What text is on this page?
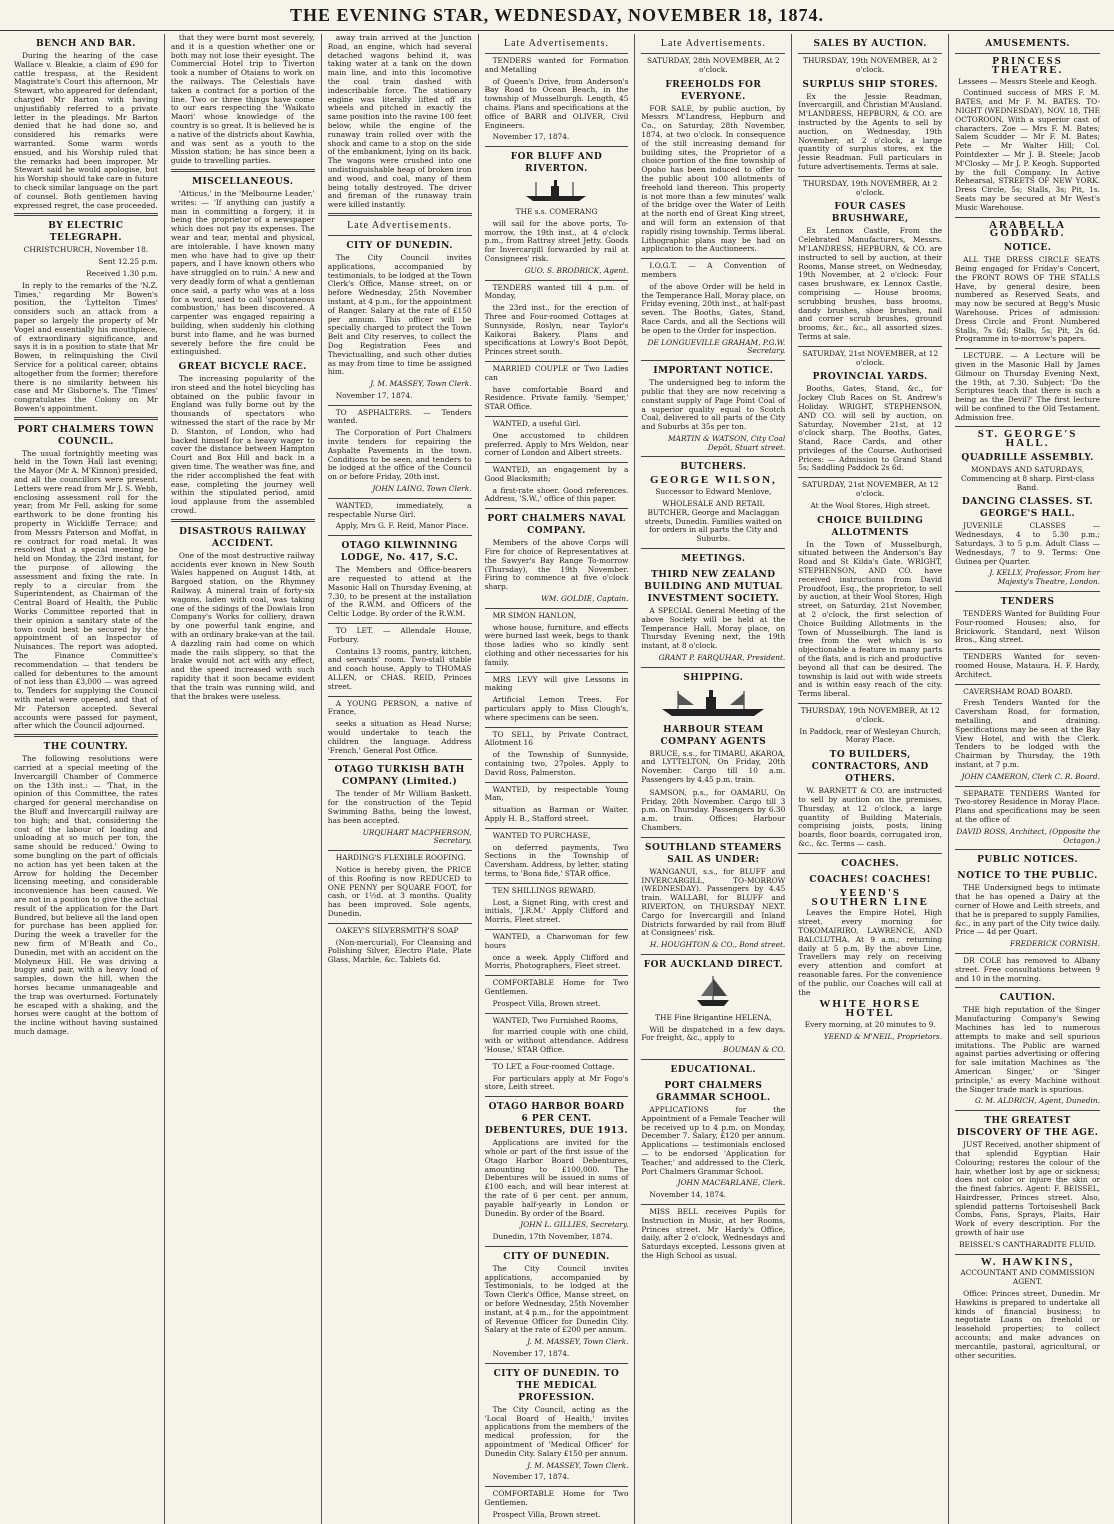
THE EVENING STAR, WEDNESDAY, NOVEMBER 18, 1874.
BENCH AND BAR.

During the hearing of the case Wallace v. Bleakie, a claim of £90 for cattle trespass, at the Resident Magistrate's Court this afternoon, Mr Stewart, who appeared for defendant, charged Mr Barton with having unjustifiably referred to a private letter in the pleadings. Mr Barton denied that he had done so, and considered his remarks were warranted. Some warm words ensued, and his Worship ruled that the remarks had been improper. Mr Stewart said he would apologise, but his Worship should take care in future to check similar language on the part of counsel. Both gentlemen having expressed regret, the case proceeded.

BY ELECTRIC TELEGRAPH.

CHRISTCHURCH, November 18.

Sent 12.25 p.m.

Received 1.30 p.m.

In reply to the remarks of the 'N.Z. Times,' regarding Mr Bowen's position, the 'Lyttelton Times' considers such an attack from a paper so largely the property of Mr Vogel and essentially his mouthpiece, of extraordinary significance, and says it is in a position to state that Mr Bowen, in relinquishing the Civil Service for a political career, obtains altogether from the former; therefore there is no similarity between his case and Mr Gisborne's. The 'Times' congratulates the Colony on Mr Bowen's appointment.

PORT CHALMERS TOWN COUNCIL.

The usual fortnightly meeting was held in the Town Hall last evening; the Mayor (Mr A. M'Kinnon) presided, and all the councillors were present. Letters were read from Mr J. S. Webb, enclosing assessment roll for the year; from Mr Fell, asking for some earthwork to be done fronting his property in Wickliffe Terrace; and from Messrs Paterson and Moffat, in re contract for road metal. It was resolved that a special meeting be held on Monday, the 23rd instant, for the purpose of allowing the assessment and fixing the rate. In reply to a circular from the Superintendent, as Chairman of the Central Board of Health, the Public Works Committee reported that in their opinion a sanitary state of the town could best be secured by the appointment of an Inspector of Nuisances. The report was adopted. The Finance Committee's recommendation — that tenders be called for debentures to the amount of not less than £3,000 — was agreed to. Tenders for supplying the Council with metal were opened, and that of Mr Paterson accepted. Several accounts were passed for payment, after which the Council adjourned.

THE COUNTRY.

The following resolutions were carried at a special meeting of the Invercargill Chamber of Commerce on the 13th inst.: — 'That, in the opinion of this Committee, the rates charged for general merchandise on the Bluff and Invercargill railway are too high; and that, considering the cost of the labour of loading and unloading at so much per ton, the same should be reduced.' Owing to some bungling on the part of officials no action has yet been taken at the Arrow for holding the December licensing meeting, and considerable inconvenience has been caused. We are not in a position to give the actual result of the application for the Dart Bundred, but believe all the land open for purchase has been applied for. During the week a traveller for the new firm of M'Beath and Co., Dunedin, met with an accident on the Molyneux Hill. He was driving a buggy and pair, with a heavy load of samples, down the hill, when the horses became unmanageable and the trap was overturned. Fortunately he escaped with a shaking, and the horses were caught at the bottom of the incline without having sustained much damage.

that they were burnt most severely, and it is a question whether one or both may not lose their eyesight. The Commercial Hotel trip to Tiverton took a number of Otaians to work on the railways. The Celestials have taken a contract for a portion of the line. Two or three things have come to our ears respecting the 'Waikato Maori' whose knowledge of the country is so great. It is believed he is a native of the districts about Kawhia, and was sent as a youth to the Mission station; he has since been a guide to travelling parties.

MISCELLANEOUS.

'Atticus,' in the 'Melbourne Leader,' writes: — 'If anything can justify a man in committing a forgery, it is being the proprietor of a newspaper which does not pay its expenses. The wear and tear, mental and physical, are intolerable. I have known many men who have had to give up their papers, and I have known others who have struggled on to ruin.' A new and very deadly form of what a gentleman once said, a party who was at a loss for a word, used to call 'spontaneous combustion,' has been discovered. A carpenter was engaged repairing a building, when suddenly his clothing burst into flame, and he was burned severely before the fire could be extinguished.

GREAT BICYCLE RACE.

The increasing popularity of the iron steed and the hotel bicycling has obtained on the public favour in England was fully borne out by the thousands of spectators who witnessed the start of the race by Mr D. Stanton, of London, who had backed himself for a heavy wager to cover the distance between Hampton Court and Box Hill and back in a given time. The weather was fine, and the rider accomplished the feat with ease, completing the journey well within the stipulated period, amid loud applause from the assembled crowd.

DISASTROUS RAILWAY ACCIDENT.

One of the most destructive railway accidents ever known in New South Wales happened on August 14th, at Bargoed station, on the Rhymney Railway. A mineral train of forty-six wagons, laden with coal, was taking one of the sidings of the Dowlais Iron Company's Works for colliery, drawn by one powerful tank engine, and with an ordinary brake-van at the tail. A dazzling rain had come on which made the rails slippery, so that the brake would not act with any effect, and the speed increased with such rapidity that it soon became evident that the train was running wild, and that the brakes were useless.

away train arrived at the Junction Road, an engine, which had several detached wagons behind it, was taking water at a tank on the down main line, and into this locomotive the coal train dashed with indescribable force. The stationary engine was literally lifted off its wheels and pitched in exactly the same position into the ravine 100 feet below, while the engine of the runaway train rolled over with the shock and came to a stop on the side of the embankment, lying on its back. The wagons were crushed into one undistinguishable heap of broken iron and wood, and coal, many of them being totally destroyed. The driver and fireman of the runaway train were killed instantly.

Late Advertisements.
CITY OF DUNEDIN.

The City Council invites applications, accompanied by testimonials, to be lodged at the Town Clerk's Office, Manse street, on or before Wednesday, 25th November instant, at 4 p.m., for the appointment of Ranger. Salary at the rate of £150 per annum. This officer will be specially charged to protect the Town Belt and City reserves, to collect the Dog Registration Fees and Thevictualling, and such other duties as may from time to time be assigned him.

J. M. MASSEY, Town Clerk.

November 17, 1874.

TO ASPHALTERS. — Tenders wanted.

The Corporation of Port Chalmers invite tenders for repairing the Asphalte Pavements in the town. Conditions to be seen, and tenders to be lodged at the office of the Council on or before Friday, 20th inst.

JOHN LAING, Town Clerk.

WANTED, immediately, a respectable Nurse Girl.

Apply, Mrs G. F. Reid, Manor Place.

OTAGO KILWINNING LODGE, No. 417, S.C.

The Members and Office-bearers are requested to attend at the Masonic Hall on Thursday Evening, at 7.30, to be present at the installation of the R.W.M. and Officers of the Celtic Lodge. By order of the R.W.M.

TO LET. — Allendale House, Forbury.

Contains 13 rooms, pantry, kitchen, and servants' room. Two-stall stable and coach house. Apply to THOMAS ALLEN, or CHAS. REID, Princes street.

A YOUNG PERSON, a native of France,

seeks a situation as Head Nurse; would undertake to teach the children the language. Address 'French,' General Post Office.

OTAGO TURKISH BATH COMPANY (Limited.)

The tender of Mr William Baskett, for the construction of the Tepid Swimming Baths, being the lowest, has been accepted.

URQUHART MACPHERSON, Secretary.

HARDING'S FLEXIBLE ROOFING.

Notice is hereby given, the PRICE of this Roofing is now REDUCED to ONE PENNY per SQUARE FOOT, for cash, or 1½d. at 3 months. Quality has been improved. Sole agents, Dunedin.

OAKEY'S SILVERSMITH'S SOAP

(Non-mercurial), For Cleansing and Polishing Silver, Electro Plate, Plate Glass, Marble, &c. Tablets 6d.

Late Advertisements.

TENDERS wanted for Formation and Metalling

of Queen's Drive, from Anderson's Bay Road to Ocean Beach, in the township of Musselburgh. Length, 45 chains. Plans and specifications at the office of BARR and OLIVER, Civil Engineers.

November 17, 1874.

FOR BLUFF AND RIVERTON.

THE s.s. COMERANG

will sail for the above ports, To-morrow, the 19th inst., at 4 o'clock p.m., from Rattray street Jetty. Goods for Invercargill forwarded by rail at Consignees' risk.

GUO. S. BRODRICK, Agent.

TENDERS wanted till 4 p.m. of Monday,

the 23rd inst., for the erection of Three and Four-roomed Cottages at Sunnyside, Roslyn, near Taylor's Kaikorai Bakery. Plans and specifications at Lowry's Boot Depôt, Princes street south.

MARRIED COUPLE or Two Ladies can

have comfortable Board and Residence. Private family. 'Semper,' STAR Office.

WANTED, a useful Girl.

One accustomed to children preferred. Apply to Mrs Weldon, near corner of London and Albert streets.

WANTED, an engagement by a Good Blacksmith;

a first-rate shoer. Good references. Address, 'S.W.,' office of this paper.

PORT CHALMERS NAVAL COMPANY.

Members of the above Corps will Fire for choice of Representatives at the Sawyer's Bay Range To-morrow (Thursday), the 19th November. Firing to commence at five o'clock sharp.

WM. GOLDIE, Captain.

MR SIMON HANLON,

whose house, furniture, and effects were burned last week, begs to thank those ladies who so kindly sent clothing and other necessaries for his family.

MRS LEVY will give Lessons in making

Artificial Lemon Trees. For particulars apply to Miss Clough's, where specimens can be seen.

TO SELL, by Private Contract, Allotment 16

of the Township of Sunnyside, containing two, 27poles. Apply to David Ross, Palmerston.

WANTED, by respectable Young Man,

situation as Barman or Waiter. Apply H. B., Stafford street.

WANTED TO PURCHASE,

on deferred payments, Two Sections in the Township of Caversham. Address, by letter, stating terms, to 'Bona fide,' STAR office.

TEN SHILLINGS REWARD.

Lost, a Signet Ring, with crest and initials, 'J.R.M.' Apply Clifford and Morris, Fleet street.

WANTED, a Charwoman for few hours

once a week. Apply Clifford and Morris, Photographers, Fleet street.

COMFORTABLE Home for Two Gentlemen.

Prospect Villa, Brown street.

WANTED, Two Furnished Rooms,

for married couple with one child, with or without attendance. Address 'House,' STAR Office.

TO LET, a Four-roomed Cottage.

For particulars apply at Mr Fogo's store, Leith street.

OTAGO HARBOR BOARD 6 PER CENT. DEBENTURES, DUE 1913.

Applications are invited for the whole or part of the first issue of the Otago Harbor Board Debentures, amounting to £100,000. The Debentures will be issued in sums of £100 each, and will bear interest at the rate of 6 per cent. per annum, payable half-yearly in London or Dunedin. By order of the Board.

JOHN L. GILLIES, Secretary.

Dunedin, 17th November, 1874.

CITY OF DUNEDIN.

The City Council invites applications, accompanied by Testimonials, to be lodged at the Town Clerk's Office, Manse street, on or before Wednesday, 25th November instant, at 4 p.m., for the appointment of Revenue Officer for Dunedin City. Salary at the rate of £200 per annum.

J. M. MASSEY, Town Clerk.

November 17, 1874.

CITY OF DUNEDIN. TO THE MEDICAL PROFESSION.

The City Council, acting as the 'Local Board of Health,' invites applications from the members of the medical profession, for the appointment of 'Medical Officer' for Dunedin City. Salary £150 per annum.

J. M. MASSEY, Town Clerk.

November 17, 1874.

COMFORTABLE Home for Two Gentlemen.

Prospect Villa, Brown street.

Late Advertisements.

SATURDAY, 28th NOVEMBER, At 2 o'clock.

FREEHOLDS FOR EVERYONE.

FOR SALE, by public auction, by Messrs M'Landress, Hepburn and Co., on Saturday, 28th November, 1874, at two o'clock. In consequence of the still increasing demand for building sites, the Proprietor of a choice portion of the fine township of Opoho has been induced to offer to the public about 100 allotments of freehold land thereon. This property is not more than a few minutes' walk of the bridge over the Water of Leith at the north end of Great King street, and will form an extension of that rapidly rising township. Terms liberal. Lithographic plans may be had on application to the Auctioneers.

I.O.G.T. — A Convention of members

of the above Order will be held in the Temperance Hall, Moray place, on Friday evening, 20th inst., at half-past seven. The Booths, Gates, Stand, Race Cards, and all the Sections will be open to the Order for inspection.

DE LONGUEVILLE GRAHAM, P.G.W. Secretary.

IMPORTANT NOTICE.

The undersigned beg to inform the public that they are now receiving a constant supply of Page Point Coal of a superior quality equal to Scotch Coal, delivered to all parts of the City and Suburbs at 35s per ton.

MARTIN & WATSON, City Coal Depôt, Stuart street.

BUTCHERS.
GEORGE WILSON,

Successor to Edward Menlove,

WHOLESALE AND RETAIL BUTCHER, George and Maclaggan streets, Dunedin. Families waited on for orders in all parts the City and Suburbs.

MEETINGS.
THIRD NEW ZEALAND BUILDING AND MUTUAL INVESTMENT SOCIETY.

A SPECIAL General Meeting of the above Society will be held at the Temperance Hall, Moray place, on Thursday Evening next, the 19th instant, at 8 o'clock.

GRANT P. FARQUHAR, President.

SHIPPING.
HARBOUR STEAM COMPANY AGENTS

BRUCE, s.s., for TIMARU, AKAROA, and LYTTELTON, On Friday, 20th November. Cargo till 10 a.m. Passengers by 4.45 p.m. train.

SAMSON, p.s., for OAMARU, On Friday, 20th November. Cargo till 3 p.m. on Thursday. Passengers by 6.30 a.m. train. Offices: Harbour Chambers.

SOUTHLAND STEAMERS SAIL AS UNDER:

WANGANUI, s.s., for BLUFF and INVERCARGILL, TO-MORROW (WEDNESDAY). Passengers by 4.45 train. WALLABI, for BLUFF and RIVERTON, on THURSDAY NEXT. Cargo for Invercargill and Inland Districts forwarded by rail from Bluff at Consignees' risk.

H. HOUGHTON & CO., Bond street.

FOR AUCKLAND DIRECT.

THE Fine Brigantine HELENA,

Will be dispatched in a few days. For freight, &c., apply to

BOUMAN & CO.

EDUCATIONAL.
PORT CHALMERS GRAMMAR SCHOOL.

APPLICATIONS for the Appointment of a Female Teacher will be received up to 4 p.m. on Monday, December 7. Salary, £120 per annum. Applications — testimonials enclosed — to be endorsed 'Application for Teacher,' and addressed to the Clerk, Port Chalmers Grammar School.

JOHN MACFARLANE, Clerk.

November 14, 1874.

MISS BELL receives Pupils for Instruction in Music, at her Rooms, Princes street. Mr Hardy's Office, daily, after 2 o'clock, Wednesdays and Saturdays excepted. Lessons given at the High School as usual.

SALES BY AUCTION.

THURSDAY, 19th NOVEMBER, At 2 o'clock.

SURPLUS SHIP STORES.

Ex the Jessie Readman, Invercargill, and Christian M'Ausland. M'LANDRESS, HEPBURN, & CO. are instructed by the Agents to sell by auction, on Wednesday, 19th November, at 2 o'clock, a large quantity of surplus stores, ex the Jessie Readman. Full particulars in future advertisements. Terms at sale.

THURSDAY, 19th NOVEMBER, At 2 o'clock.

FOUR CASES BRUSHWARE,

Ex Lennox Castle, From the Celebrated Manufacturers, Messrs. M'LANDRESS, HEPBURN, & CO. are instructed to sell by auction, at their Rooms, Manse street, on Wednesday, 19th November, at 2 o'clock: Four cases brushware, ex Lennox Castle, comprising — House brooms, scrubbing brushes, bass brooms, dandy brushes, shoe brushes, nail and corner scrub brushes, ground brooms, &c., &c., all assorted sizes. Terms at sale.

SATURDAY, 21st NOVEMBER, at 12 o'clock.

PROVINCIAL YARDS.

Booths, Gates, Stand, &c., for Jockey Club Races on St. Andrew's Holiday. WRIGHT, STEPHENSON, AND CO. will sell by auction, on Saturday, November 21st, at 12 o'clock sharp. The Booths, Gates, Stand, Race Cards, and other privileges of the Course. Authorised Prices: — Admission to Grand Stand 5s; Saddling Paddock 2s 6d.

SATURDAY, 21st NOVEMBER, At 12 o'clock.

At the Wool Stores, High street.

CHOICE BUILDING ALLOTMENTS

In the Town of Musselburgh, situated between the Anderson's Bay Road and St Kilda's Gate. WRIGHT, STEPHENSON, AND CO. have received instructions from David Proudfoot, Esq., the proprietor, to sell by auction, at their Wool Stores, High street, on Saturday, 21st November, at 2 o'clock, the first selection of Choice Building Allotments in the Town of Musselburgh. The land is free from the wet which is so objectionable a feature in many parts of the flats, and is rich and productive beyond all that can be desired. The township is laid out with wide streets and is within easy reach of the city. Terms liberal.

THURSDAY, 19th NOVEMBER, At 12 o'clock.

In Paddock, rear of Wesleyan Church, Moray Place.

TO BUILDERS, CONTRACTORS, AND OTHERS.

W. BARNETT & CO. are instructed to sell by auction on the premises, Thursday, at 12 o'clock, a large quantity of Building Materials, comprising joists, posts, lining boards, floor boards, corrugated iron, &c., &c. Terms — cash.

COACHES.
COACHES! COACHES!
YEEND'S SOUTHERN LINE

Leaves the Empire Hotel, High street, every morning for TOKOMAIRIRO, LAWRENCE, AND BALCLUTHA. At 9 a.m.; returning daily at 5 p.m. By the above Line, Travellers may rely on receiving every attention and comfort at reasonable fares. For the convenience of the public, our Coaches will call at the

WHITE HORSE HOTEL

Every morning, at 20 minutes to 9.

YEEND & M'NEIL, Proprietors.

AMUSEMENTS.
PRINCESS THEATRE.

Lessees — Messrs Steele and Keogh.

Continued success of MRS F. M. BATES, and Mr F. M. BATES. TO-NIGHT (WEDNESDAY), NOV. 18, THE OCTOROON, With a superior cast of characters. Zoe — Mrs F. M. Bates; Salem Scudder — Mr F. M. Bates; Pete — Mr Walter Hill; Col. Pointdexter — Mr J. B. Steele; Jacob M'Closky — Mr J. P. Keogh. Supported by the full Company. In Active Rehearsal, STREETS OF NEW YORK. Dress Circle, 5s; Stalls, 3s; Pit, 1s. Seats may be secured at Mr West's Music Warehouse.

ARABELLA GODDARD.
NOTICE.

ALL THE DRESS CIRCLE SEATS Being engaged for Friday's Concert, the FRONT ROWS OF THE STALLS Have, by general desire, been numbered as Reserved Seats, and may now be secured at Begg's Music Warehouse. Prices of admission: Dress Circle and Front Numbered Stalls, 7s 6d; Stalls, 5s; Pit, 2s 6d. Programme in to-morrow's papers.

LECTURE. — A Lecture will be given in the Masonic Hall by James Gilmour on Thursday Evening Next, the 19th, at 7.30. Subject: 'Do the Scriptures teach that there is such a being as the Devil?' The first lecture will be confined to the Old Testament. Admission free.

ST. GEORGE'S HALL.
QUADRILLE ASSEMBLY.

MONDAYS AND SATURDAYS, Commencing at 8 sharp. First-class Band.

DANCING CLASSES. ST. GEORGE'S HALL.

JUVENILE CLASSES — Wednesdays, 4 to 5.30 p.m.; Saturdays, 3 to 5 p.m. Adult Class — Wednesdays, 7 to 9. Terms: One Guinea per Quarter.

J. KELLY, Professor, From her Majesty's Theatre, London.

TENDERS

TENDERS Wanted for Building Four Four-roomed Houses; also, for Brickwork. Standard, next Wilson Bros., King street.

TENDERS Wanted for seven-roomed House, Mataura. H. F. Hardy, Architect.

CAVERSHAM ROAD BOARD.

Fresh Tenders Wanted for the Caversham Road, for formation, metalling, and draining. Specifications may be seen at the Bay View Hotel, and with the Clerk. Tenders to be lodged with the Chairman by Thursday, the 19th instant, at 7 p.m.

JOHN CAMERON, Clerk C. R. Board.

SEPARATE TENDERS Wanted for Two-storey Residence in Moray Place. Plans and specifications may be seen at the office of

DAVID ROSS, Architect, (Opposite the Octagon.)

PUBLIC NOTICES.
NOTICE TO THE PUBLIC.

THE Undersigned begs to intimate that he has opened a Dairy at the corner of Howe and Leith streets, and that he is prepared to supply Families, &c., in any part of the City twice daily. Price — 4d per Quart.

FREDERICK CORNISH.

DR COLE has removed to Albany street. Free consultations between 9 and 10 in the morning.

CAUTION.

THE high reputation of the Singer Manufacturing Company's Sewing Machines has led to numerous attempts to make and sell spurious imitations. The Public are warned against parties advertising or offering for sale imitation Machines as 'the American Singer,' or 'Singer principle,' as every Machine without the Singer trade mark is spurious.

G. M. ALDRICH, Agent, Dunedin.

THE GREATEST DISCOVERY OF THE AGE.

JUST Received, another shipment of that splendid Egyptian Hair Colouring; restores the colour of the hair, whether lost by age or sickness; does not color or injure the skin or the finest fabrics. Agent: F. BEISSEL, Hairdresser, Princes street. Also, splendid patterns Tortoiseshell Back Combs, Fans, Sprays, Plaits, Hair Work of every description. For the growth of hair use

BEISSEL'S CANTHARADITE FLUID.

W. HAWKINS,

ACCOUNTANT AND COMMISSION AGENT.

Office: Princes street, Dunedin. Mr Hawkins is prepared to undertake all kinds of financial business; to negotiate Loans on freehold or leasehold properties; to collect accounts; and make advances on mercantile, pastoral, agricultural, or other securities.
